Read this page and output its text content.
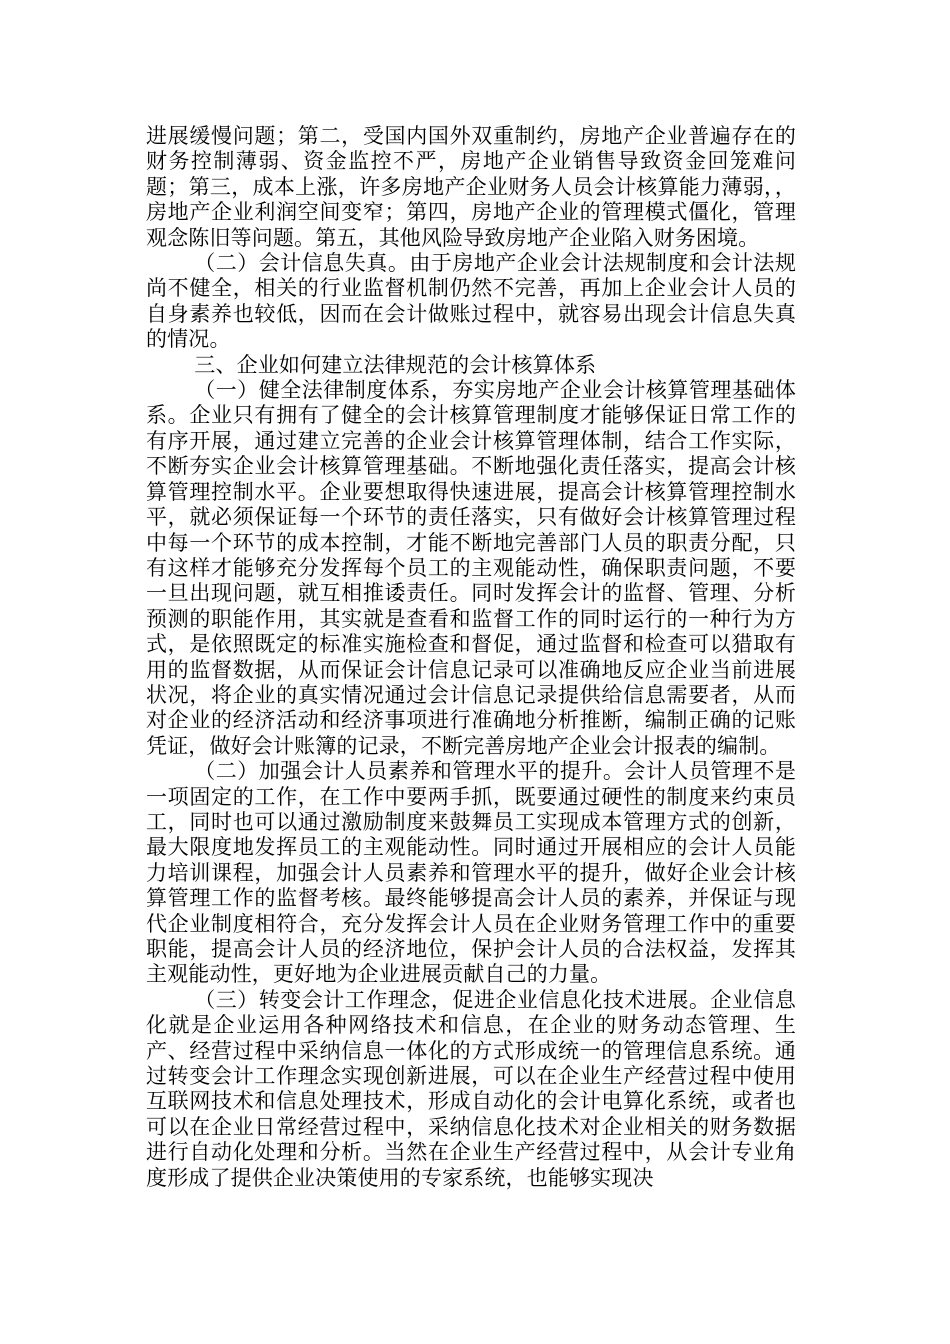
进展缓慢问题；第二，受国内国外双重制约，房地产企业普遍存在的财务控制薄弱、资金监控不严，房地产企业销售导致资金回笼难问题；第三，成本上涨，许多房地产企业财务人员会计核算能力薄弱，，房地产企业利润空间变窄；第四，房地产企业的管理模式僵化，管理观念陈旧等问题。第五，其他风险导致房地产企业陷入财务困境。

（二）会计信息失真。由于房地产企业会计法规制度和会计法规尚不健全，相关的行业监督机制仍然不完善，再加上企业会计人员的自身素养也较低，因而在会计做账过程中，就容易出现会计信息失真的情况。

三、企业如何建立法律规范的会计核算体系

（一）健全法律制度体系，夯实房地产企业会计核算管理基础体系。企业只有拥有了健全的会计核算管理制度才能够保证日常工作的有序开展，通过建立完善的企业会计核算管理体制，结合工作实际，不断夯实企业会计核算管理基础。不断地强化责任落实，提高会计核算管理控制水平。企业要想取得快速进展，提高会计核算管理控制水平，就必须保证每一个环节的责任落实，只有做好会计核算管理过程中每一个环节的成本控制，才能不断地完善部门人员的职责分配，只有这样才能够充分发挥每个员工的主观能动性，确保职责问题，不要一旦出现问题，就互相推诿责任。同时发挥会计的监督、管理、分析预测的职能作用，其实就是查看和监督工作的同时运行的一种行为方式，是依照既定的标准实施检查和督促，通过监督和检查可以猎取有用的监督数据，从而保证会计信息记录可以准确地反应企业当前进展状况，将企业的真实情况通过会计信息记录提供给信息需要者，从而对企业的经济活动和经济事项进行准确地分析推断，编制正确的记账凭证，做好会计账簿的记录，不断完善房地产企业会计报表的编制。

（二）加强会计人员素养和管理水平的提升。会计人员管理不是一项固定的工作，在工作中要两手抓，既要通过硬性的制度来约束员工，同时也可以通过激励制度来鼓舞员工实现成本管理方式的创新，最大限度地发挥员工的主观能动性。同时通过开展相应的会计人员能力培训课程，加强会计人员素养和管理水平的提升，做好企业会计核算管理工作的监督考核。最终能够提高会计人员的素养，并保证与现代企业制度相符合，充分发挥会计人员在企业财务管理工作中的重要职能，提高会计人员的经济地位，保护会计人员的合法权益，发挥其主观能动性，更好地为企业进展贡献自己的力量。

（三）转变会计工作理念，促进企业信息化技术进展。企业信息化就是企业运用各种网络技术和信息，在企业的财务动态管理、生产、经营过程中采纳信息一体化的方式形成统一的管理信息系统。通过转变会计工作理念实现创新进展，可以在企业生产经营过程中使用互联网技术和信息处理技术，形成自动化的会计电算化系统，或者也可以在企业日常经营过程中，采纳信息化技术对企业相关的财务数据进行自动化处理和分析。当然在企业生产经营过程中，从会计专业角度形成了提供企业决策使用的专家系统，也能够实现决
